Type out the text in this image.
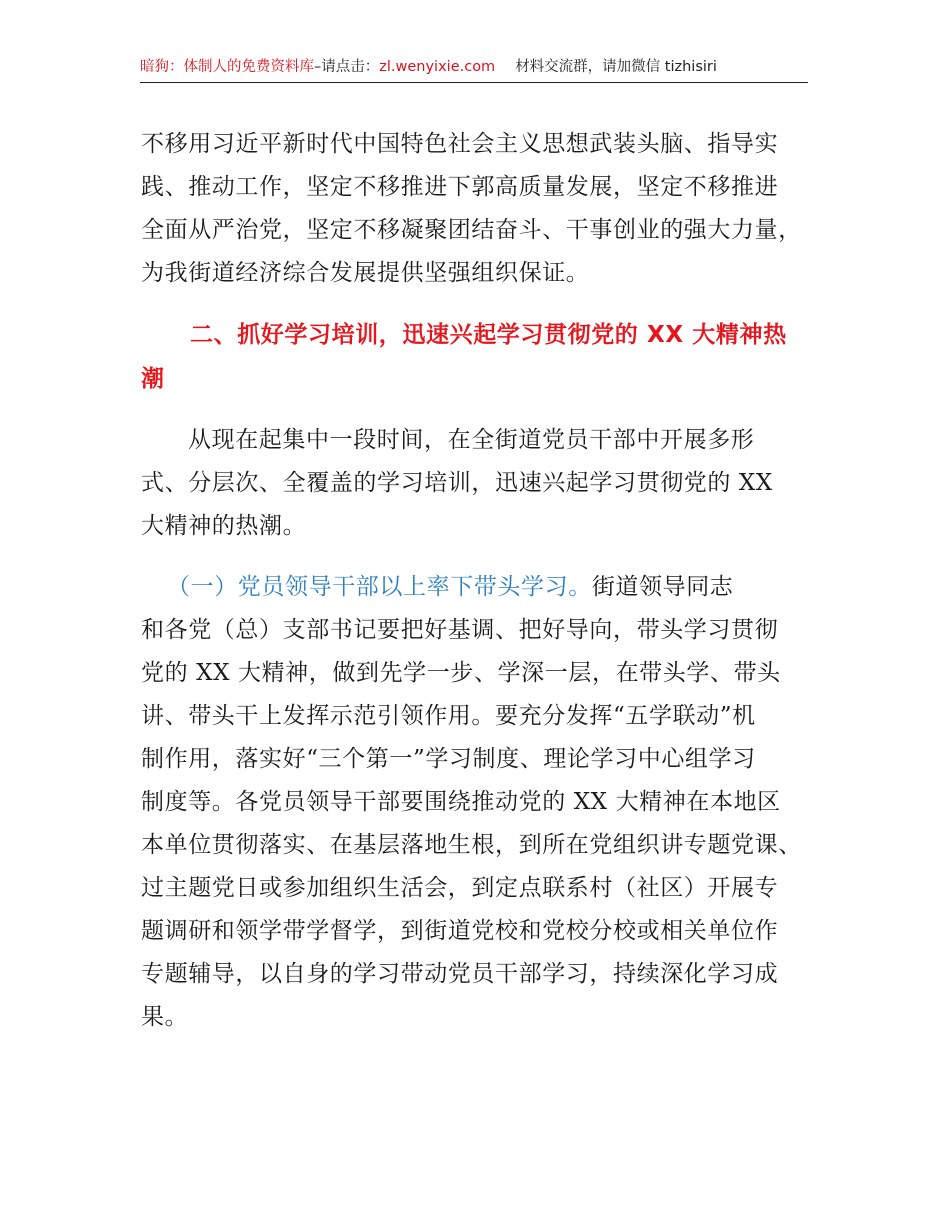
暗狗：体制人的免费资料库–请点击：zl.wenyixie.com 材料交流群，请加微信 tizhisiri
不移用习近平新时代中国特色社会主义思想武装头脑、指导实
践、推动工作，坚定不移推进下郭高质量发展，坚定不移推进
全面从严治党，坚定不移凝聚团结奋斗、干事创业的强大力量，
为我街道经济综合发展提供坚强组织保证。
二、抓好学习培训，迅速兴起学习贯彻党的 XX 大精神热
潮
从现在起集中一段时间，在全街道党员干部中开展多形
式、分层次、全覆盖的学习培训，迅速兴起学习贯彻党的 XX
大精神的热潮。
（一）党员领导干部以上率下带头学习。街道领导同志
和各党（总）支部书记要把好基调、把好导向，带头学习贯彻
党的 XX 大精神，做到先学一步、学深一层，在带头学、带头
讲、带头干上发挥示范引领作用。要充分发挥“五学联动”机
制作用，落实好“三个第一”学习制度、理论学习中心组学习
制度等。各党员领导干部要围绕推动党的 XX 大精神在本地区
本单位贯彻落实、在基层落地生根，到所在党组织讲专题党课、
过主题党日或参加组织生活会，到定点联系村（社区）开展专
题调研和领学带学督学，到街道党校和党校分校或相关单位作
专题辅导，以自身的学习带动党员干部学习，持续深化学习成
果。
